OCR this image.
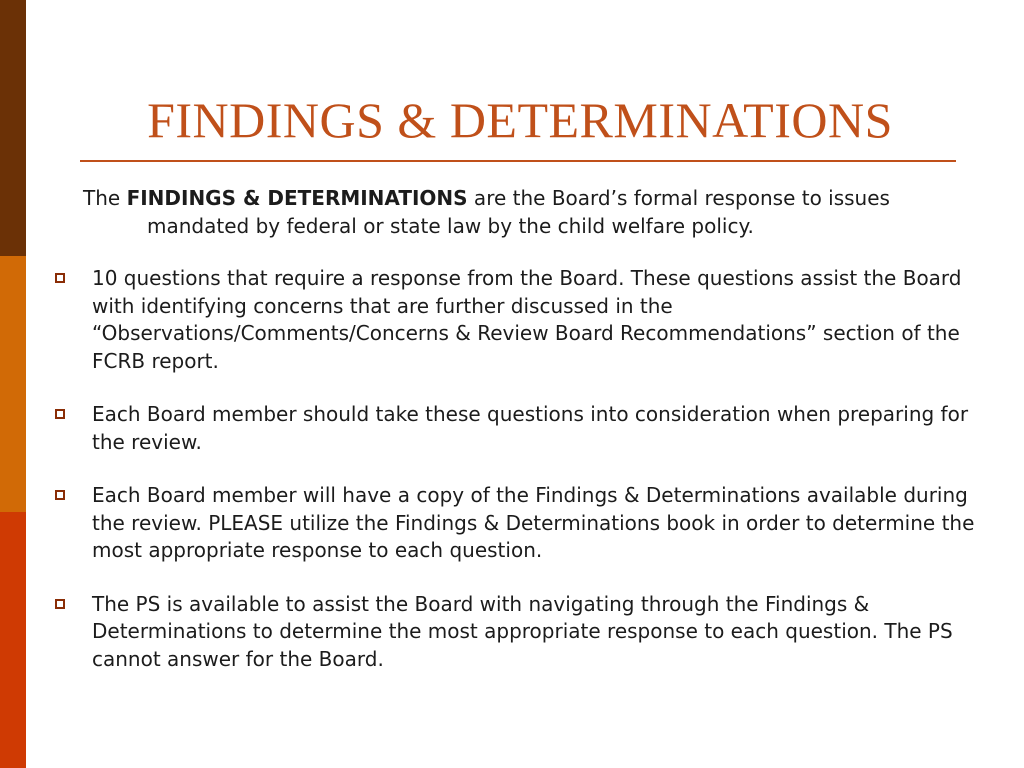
FINDINGS & DETERMINATIONS

The FINDINGS & DETERMINATIONS are the Board’s formal response to issues mandated by federal or state law by the child welfare policy.

10 questions that require a response from the Board. These questions assist the Board with identifying concerns that are further discussed in the “Observations/Comments/Concerns & Review Board Recommendations” section of the FCRB report.
Each Board member should take these questions into consideration when preparing for the review.
Each Board member will have a copy of the Findings & Determinations available during the review. PLEASE utilize the Findings & Determinations book in order to determine the most appropriate response to each question.
The PS is available to assist the Board with navigating through the Findings & Determinations to determine the most appropriate response to each question. The PS cannot answer for the Board.
